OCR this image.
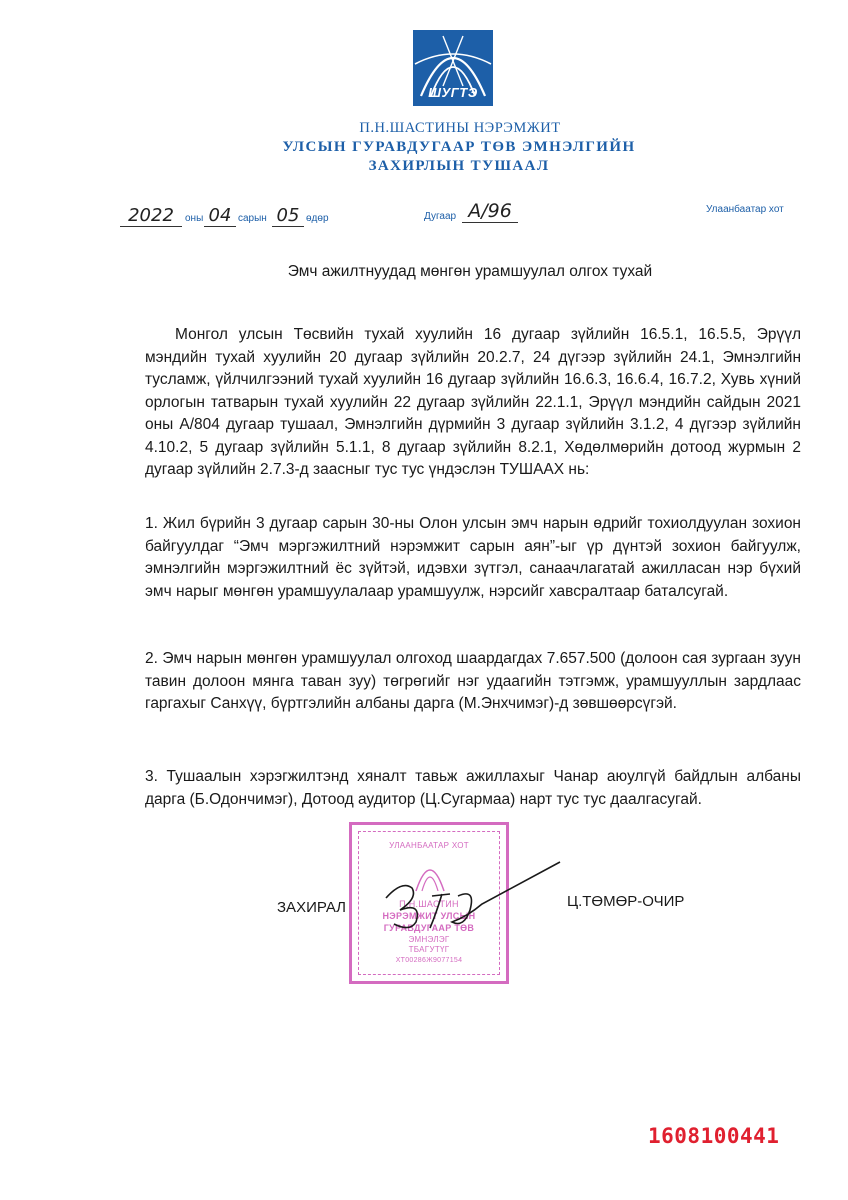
ШУГТЭ
П.Н.ШАСТИНЫ НЭРЭМЖИТ
УЛСЫН ГУРАВДУГААР ТӨВ ЭМНЭЛГИЙН
ЗАХИРЛЫН ТУШААЛ
2022	оны 04 сарын 05 өдөр	Дугаар А/96	Улаанбаатар хот
Эмч ажилтнуудад мөнгөн урамшуулал олгох тухай
Монгол улсын Төсвийн тухай хуулийн 16 дугаар зүйлийн 16.5.1, 16.5.5, Эрүүл мэндийн тухай хуулийн 20 дугаар зүйлийн 20.2.7, 24 дүгээр зүйлийн 24.1, Эмнэлгийн тусламж, үйлчилгээний тухай хуулийн 16 дугаар зүйлийн 16.6.3, 16.6.4, 16.7.2, Хувь хүний орлогын татварын тухай хуулийн 22 дугаар зүйлийн 22.1.1, Эрүүл мэндийн сайдын 2021 оны А/804 дугаар тушаал, Эмнэлгийн дүрмийн 3 дугаар зүйлийн 3.1.2, 4 дүгээр зүйлийн 4.10.2, 5 дугаар зүйлийн 5.1.1, 8 дугаар зүйлийн 8.2.1, Хөдөлмөрийн дотоод журмын 2 дугаар зүйлийн 2.7.3-д заасныг тус тус үндэслэн ТУШААХ нь:
1. Жил бүрийн 3 дугаар сарын 30-ны Олон улсын эмч нарын өдрийг тохиолдуулан зохион байгуулдаг “Эмч мэргэжилтний нэрэмжит сарын аян”-ыг үр дүнтэй зохион байгуулж, эмнэлгийн мэргэжилтний ёс зүйтэй, идэвхи зүтгэл, санаачлагатай ажилласан нэр бүхий эмч нарыг мөнгөн урамшуулалаар урамшуулж, нэрсийг хавсралтаар баталсугай.
2. Эмч нарын мөнгөн урамшуулал олгоход шаардагдах 7.657.500 (долоон сая зургаан зуун тавин долоон мянга таван зуу) төгрөгийг нэг удаагийн тэтгэмж, урамшууллын зардлаас гаргахыг Санхүү, бүртгэлийн албаны дарга (М.Энхчимэг)-д зөвшөөрсүгэй.
3. Тушаалын хэрэгжилтэнд хяналт тавьж ажиллахыг Чанар аюулгүй байдлын албаны дарга (Б.Одончимэг), Дотоод аудитор (Ц.Сугармаа) нарт тус тус даалгасугай.
УЛААНБААТАР ХОТ
П.Н.ШАСТИН
НЭРЭМЖИТ УЛСЫН
ГУРАВДУГААР ТӨВ
ЭМНЭЛЭГ
ТБАГУТҮГ
ХТ00286Ж9077154
ЗАХИРАЛ	Ц.ТӨМӨР-ОЧИР
1608100441
